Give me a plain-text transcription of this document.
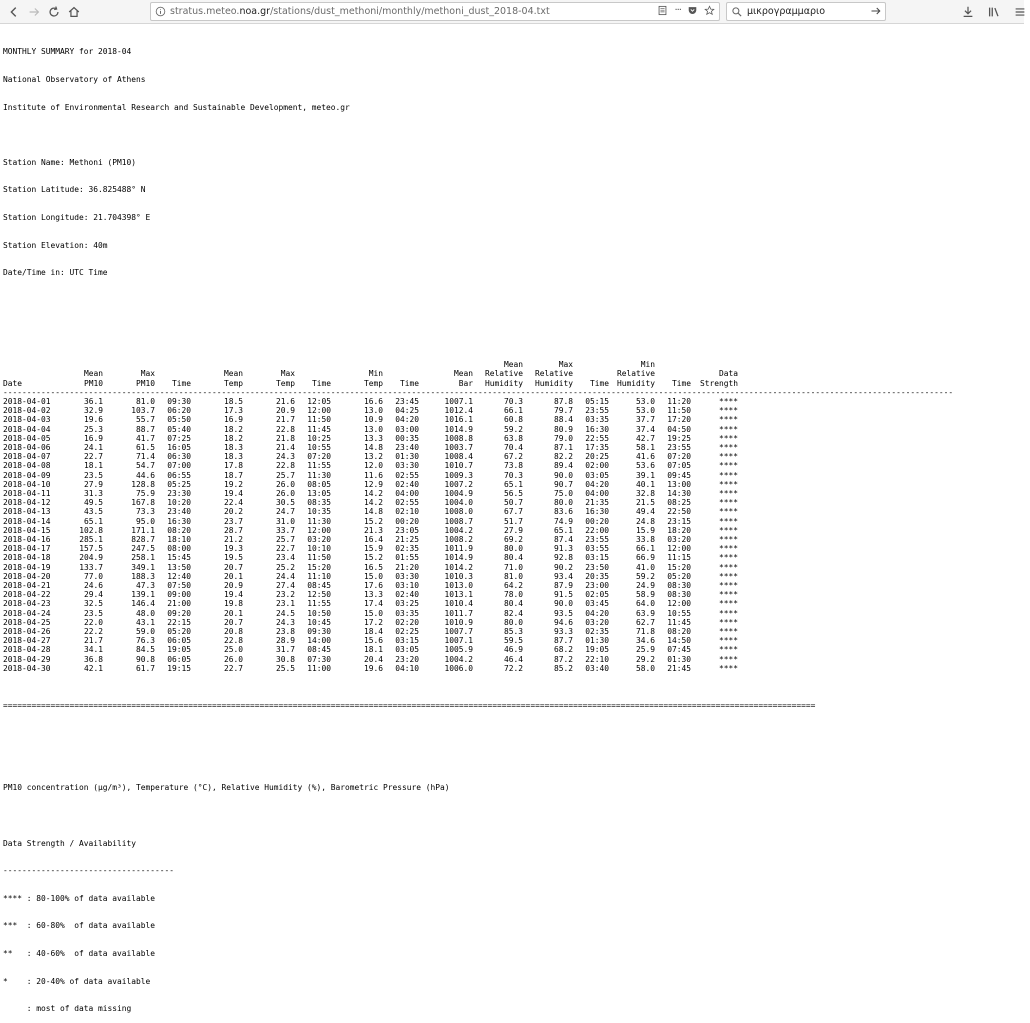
stratus.meteo.noa.gr/stations/dust_methoni/monthly/methoni_dust_2018-04.txt	···	μικρογραμμαριο

MONTHLY SUMMARY for 2018-04

National Observatory of Athens

Institute of Environmental Research and Sustainable Development, meteo.gr

Station Name: Methoni (PM10)

Station Latitude: 36.825488° N

Station Longitude: 21.704398° E

Station Elevation: 40m

Date/Time in: UTC Time

										Mean	Max		Min		
	Mean	Max		Mean	Max		Min		Mean	Relative	Relative		Relative		Data
Date	PM10	PM10	Time	Temp	Temp	Time	Temp	Time	Bar	Humidity	Humidity	Time	Humidity	Time	Strength
--------------------------------------------------------------------------------------------------------------------------------------------------------------------------------------------------------															
2018-04-01	36.1	81.0	09:30	18.5	21.6	12:05	16.6	23:45	1007.1	70.3	87.8	05:15	53.0	11:20	****
2018-04-02	32.9	103.7	06:20	17.3	20.9	12:00	13.0	04:25	1012.4	66.1	79.7	23:55	53.0	11:50	****
2018-04-03	19.6	55.7	05:50	16.9	21.7	11:50	10.9	04:20	1016.1	60.8	88.4	03:35	37.7	17:20	****
2018-04-04	25.3	88.7	05:40	18.2	22.8	11:45	13.0	03:00	1014.9	59.2	80.9	16:30	37.4	04:50	****
2018-04-05	16.9	41.7	07:25	18.2	21.8	10:25	13.3	00:35	1008.8	63.8	79.0	22:55	42.7	19:25	****
2018-04-06	24.1	61.5	16:05	18.3	21.4	10:55	14.8	23:40	1003.7	70.4	87.1	17:35	58.1	23:55	****
2018-04-07	22.7	71.4	06:30	18.3	24.3	07:20	13.2	01:30	1008.4	67.2	82.2	20:25	41.6	07:20	****
2018-04-08	18.1	54.7	07:00	17.8	22.8	11:55	12.0	03:30	1010.7	73.8	89.4	02:00	53.6	07:05	****
2018-04-09	23.5	44.6	06:55	18.7	25.7	11:30	11.6	02:55	1009.3	70.3	90.0	03:05	39.1	09:45	****
2018-04-10	27.9	128.8	05:25	19.2	26.0	08:05	12.9	02:40	1007.2	65.1	90.7	04:20	40.1	13:00	****
2018-04-11	31.3	75.9	23:30	19.4	26.0	13:05	14.2	04:00	1004.9	56.5	75.0	04:00	32.8	14:30	****
2018-04-12	49.5	167.8	10:20	22.4	30.5	08:35	14.2	02:55	1004.0	50.7	80.0	21:35	21.5	08:25	****
2018-04-13	43.5	73.3	23:40	20.2	24.7	10:35	14.8	02:10	1008.0	67.7	83.6	16:30	49.4	22:50	****
2018-04-14	65.1	95.0	16:30	23.7	31.0	11:30	15.2	00:20	1008.7	51.7	74.9	00:20	24.8	23:15	****
2018-04-15	102.8	171.1	08:20	28.7	33.7	12:00	21.3	23:05	1004.2	27.9	65.1	22:00	15.9	18:20	****
2018-04-16	285.1	828.7	18:10	21.2	25.7	03:20	16.4	21:25	1008.2	69.2	87.4	23:55	33.8	03:20	****
2018-04-17	157.5	247.5	08:00	19.3	22.7	10:10	15.9	02:35	1011.9	80.0	91.3	03:55	66.1	12:00	****
2018-04-18	204.9	258.1	15:45	19.5	23.4	11:50	15.2	01:55	1014.9	80.4	92.8	03:15	66.9	11:15	****
2018-04-19	133.7	349.1	13:50	20.7	25.2	15:20	16.5	21:20	1014.2	71.0	90.2	23:50	41.0	15:20	****
2018-04-20	77.0	188.3	12:40	20.1	24.4	11:10	15.0	03:30	1010.3	81.0	93.4	20:35	59.2	05:20	****
2018-04-21	24.6	47.3	07:50	20.9	27.4	08:45	17.6	03:10	1013.0	64.2	87.9	23:00	24.9	08:30	****
2018-04-22	29.4	139.1	09:00	19.4	23.2	12:50	13.3	02:40	1013.1	78.0	91.5	02:05	58.9	08:30	****
2018-04-23	32.5	146.4	21:00	19.8	23.1	11:55	17.4	03:25	1010.4	80.4	90.0	03:45	64.0	12:00	****
2018-04-24	23.5	48.0	09:20	20.1	24.5	10:50	15.0	03:35	1011.7	82.4	93.5	04:20	63.9	10:55	****
2018-04-25	22.0	43.1	22:15	20.7	24.3	10:45	17.2	02:20	1010.9	80.0	94.6	03:20	62.7	11:45	****
2018-04-26	22.2	59.0	05:20	20.8	23.8	09:30	18.4	02:25	1007.7	85.3	93.3	02:35	71.8	08:20	****
2018-04-27	21.7	76.3	06:05	22.8	28.9	14:00	15.6	03:15	1007.1	59.5	87.7	01:30	34.6	14:50	****
2018-04-28	34.1	84.5	19:05	25.0	31.7	08:45	18.1	03:05	1005.9	46.9	68.2	19:05	25.9	07:45	****
2018-04-29	36.8	90.8	06:05	26.0	30.8	07:30	20.4	23:20	1004.2	46.4	87.2	22:10	29.2	01:30	****
2018-04-30	42.1	61.7	19:15	22.7	25.5	11:00	19.6	04:10	1006.0	72.2	85.2	03:40	58.0	21:45	****

===========================================================================================================================================================================

PM10 concentration (µg/m³), Temperature (°C), Relative Humidity (%), Barometric Pressure (hPa)

Data Strength / Availability

------------------------------------

**** : 80-100% of data available

***  : 60-80%  of data available

**   : 40-60%  of data available

*    : 20-40% of data available

: most of data missing
